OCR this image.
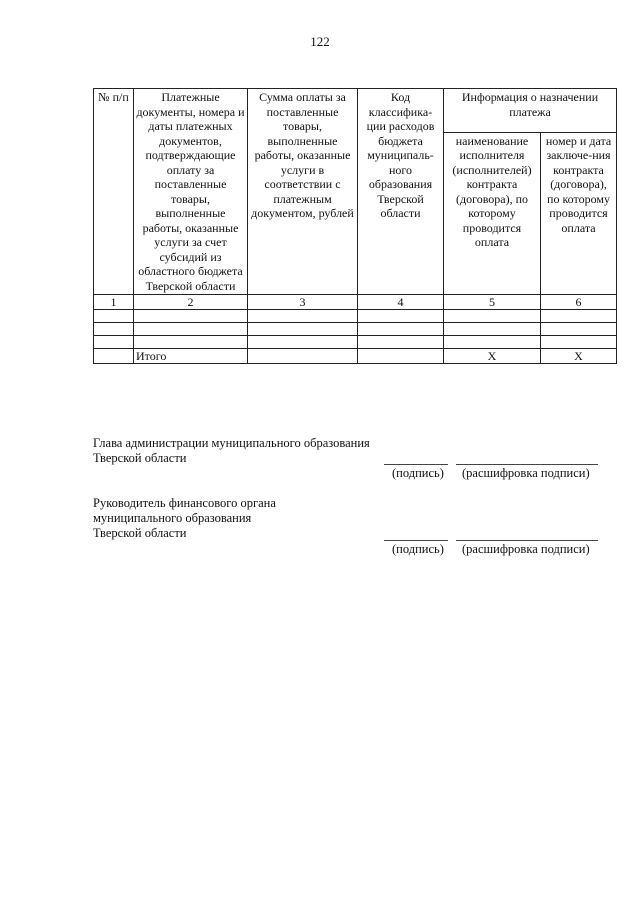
122
№ п/п	Платежные документы, номера и даты платежных документов, подтверждающие оплату за поставленные товары, выполненные работы, оказанные услуги за счет субсидий из областного бюджета Тверской области	Сумма оплаты за поставленные товары, выполненные работы, оказанные услуги в соответствии с платежным документом, рублей	Код классифика-ции расходов бюджета муниципаль-ного образования Тверской области	Информация о назначении платежа	
				наименование исполнителя (исполнителей) контракта (договора), по которому проводится оплата	номер и дата заключе-ния контракта (договора), по которому проводится оплата
1	2	3	4	5	6

	Итого			Х	Х
Глава администрации муниципального образования
Тверской области
(подпись) (расшифровка подписи)
Руководитель финансового органа
муниципального образования
Тверской области
(подпись) (расшифровка подписи)
